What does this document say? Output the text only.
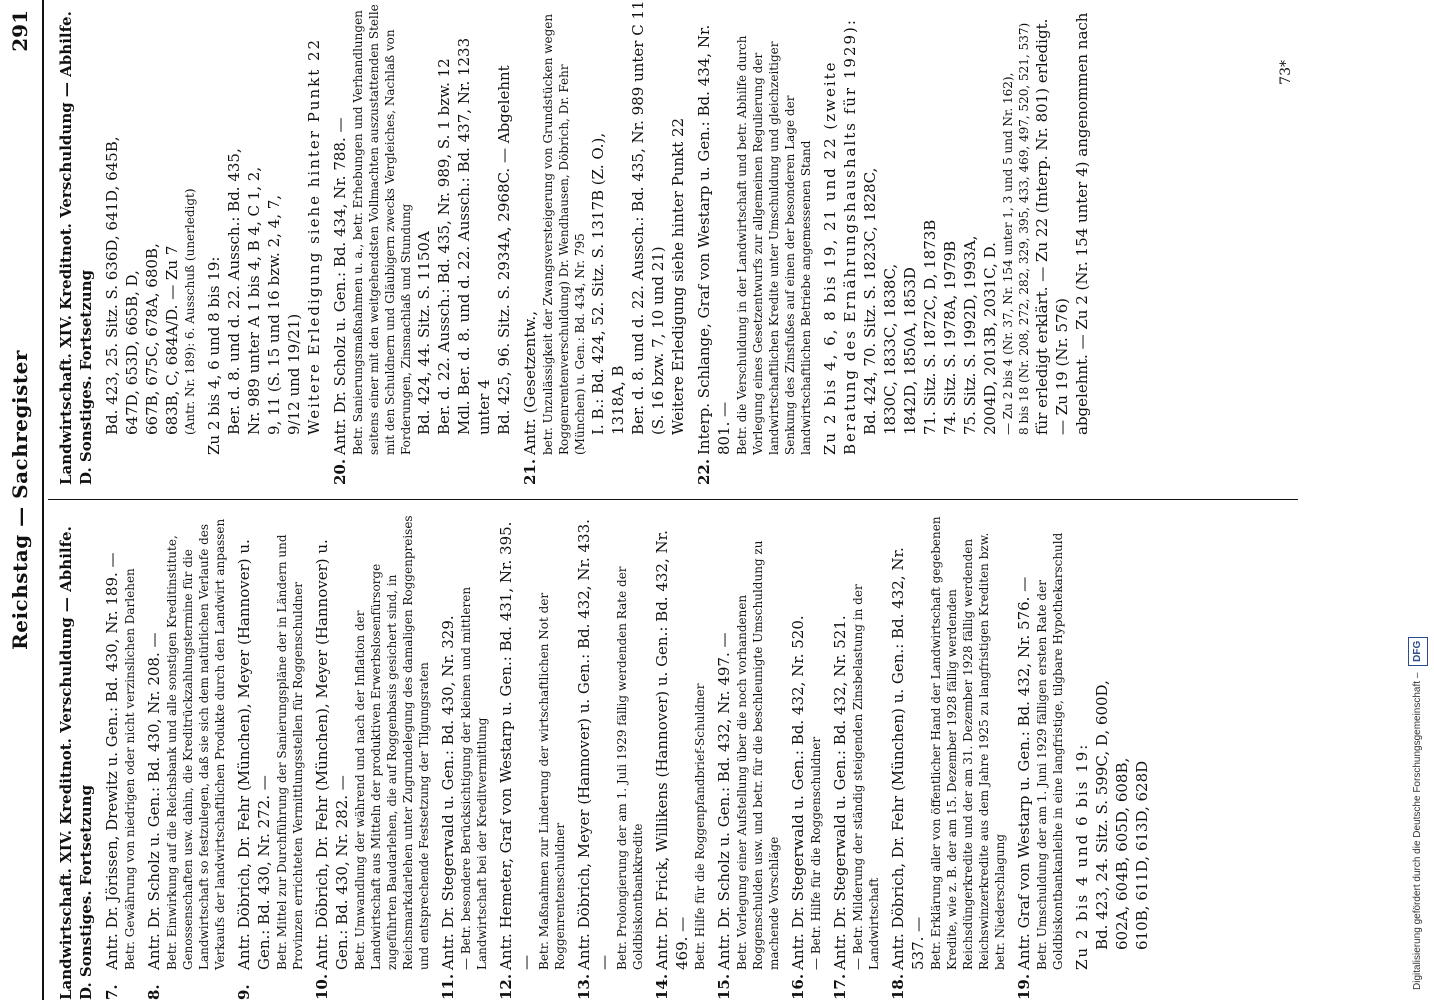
Reichstag — Sachregister
291
Landwirtschaft. XIV. Kreditnot. Verschuldung — Abhilfe. D. Sonstiges. Fortsetzung 7.
Antr. Dr. Jörissen, Drewitz u. Gen.: Bd. 430, Nr. 189. — Betr. Gewährung von niedrigen oder nicht verzinslichen Darlehen
8.
Antr. Dr. Scholz u. Gen.: Bd. 430, Nr. 208. — Betr. Einwirkung auf die Reichsbank und alle sonstigen Kreditinstitute, Genossenschaften usw. dahin, die Kreditrückzahlungstermine für die Landwirtschaft so festzulegen, daß sie sich dem natürlichen Verlaufe des Verkaufs der landwirtschaftlichen Produkte durch den Landwirt anpassen
9.
Antr. Döbrich, Dr. Fehr (München), Meyer (Hannover) u. Gen.: Bd. 430, Nr. 272. — Betr. Mittel zur Durchführung der Sanierungspläne der in Ländern und Provinzen errichteten Vermittlungsstellen für Roggenschuldner
10.
Antr. Döbrich, Dr. Fehr (München), Meyer (Hannover) u. Gen.: Bd. 430, Nr. 282. — Betr. Umwandlung der während und nach der Inflation der Landwirtschaft aus Mitteln der produktiven Erwerbslosenfürsorge zugeführten Baudarlehen, die auf Roggenbasis gesichert sind, in Reichsmarkdarlehen unter Zugrundelegung des damaligen Roggenpreises und entsprechende Festsetzung der Tilgungsraten
11.
Antr. Dr. Stegerwald u. Gen.: Bd. 430, Nr. 329. — Betr. besondere Berücksichtigung der kleinen und mittleren Landwirtschaft bei der Kreditvermittlung
12.
Antr. Hemeter, Graf von Westarp u. Gen.: Bd. 431, Nr. 395. — Betr. Maßnahmen zur Linderung der wirtschaftlichen Not der Roggenrentenschuldner
13.
Antr. Döbrich, Meyer (Hannover) u. Gen.: Bd. 432, Nr. 433. — Betr. Prolongierung der am 1. Juli 1929 fällig werdenden Rate der Goldbiskontbankkredite
14.
Antr. Dr. Frick, Willikens (Hannover) u. Gen.: Bd. 432, Nr. 469. — Betr. Hilfe für die Roggenpfandbrief-Schuldner
15.
Antr. Dr. Scholz u. Gen.: Bd. 432, Nr. 497. — Betr. Vorlegung einer Aufstellung über die noch vorhandenen Roggenschulden usw. und betr. für die beschleunigte Umschuldung zu machende Vorschläge
16.
Antr. Dr. Stegerwald u. Gen.: Bd. 432, Nr. 520. — Betr. Hilfe für die Roggenschuldner
17.
Antr. Dr. Stegerwald u. Gen.: Bd. 432, Nr. 521. — Betr. Milderung der ständig steigenden Zinsbelastung in der Landwirtschaft
18.
Antr. Döbrich, Dr. Fehr (München) u. Gen.: Bd. 432, Nr. 537. — Betr. Erklärung aller von öffentlicher Hand der Landwirtschaft gegebenen Kredite, wie z. B. der am 15. Dezember 1928 fällig werdenden Reichsdüngerkredite und der am 31. Dezember 1928 fällig werdenden Reichswinzerkredite aus dem Jahre 1925 zu langfristigen Krediten bzw. betr. Niederschlagung
19.
Antr. Graf von Westarp u. Gen.: Bd. 432, Nr. 576. — Betr. Umschuldung der am 1. Juni 1929 fälligen ersten Rate der Goldbiskontbankanleihe in eine langfristige, tilgbare Hypothekarschuld Zu 2 bis 4 und 6 bis 19: Bd. 423, 24. Sitz. S. 599C, D, 600D, 602A, 604B, 605D, 608B, 610B, 611D, 613D, 628D
Landwirtschaft. XIV. Kreditnot. Verschuldung — Abhilfe. D. Sonstiges. Fortsetzung Bd. 423, 25. Sitz. S. 636D, 641D, 645B, 647D, 653D, 665B, D, 667B, 675C, 678A, 680B, 683B, C, 684A/D. — Zu 7 (Antr. Nr. 189): 6. Ausschuß (unerledigt) Zu 2 bis 4, 6 und 8 bis 19: Ber. d. 8. und d. 22. Aussch.: Bd. 435, Nr. 989 unter A 1 bis 4, B 4, C 1, 2, 9, 11 (S. 15 und 16 bzw. 2, 4, 7, 9/12 und 19/21) Weitere Erledigung siehe hinter Punkt 22
20.
Antr. Dr. Scholz u. Gen.: Bd. 434, Nr. 788. — Betr. Sanierungsmaßnahmen u. a., betr. Erhebungen und Verhandlungen seitens einer mit den weitgehendsten Vollmachten auszustattenden Stelle mit den Schuldnern und Gläubigern zwecks Vergleiches, Nachlaß von Forderungen, Zinsnachlaß und Stundung Bd. 424, 44. Sitz. S. 1150A Ber. d. 22. Aussch.: Bd. 435, Nr. 989, S. 1 bzw. 12 Mdl. Ber. d. 8. und d. 22. Aussch.: Bd. 437, Nr. 1233 unter 4 Bd. 425, 96. Sitz. S. 2934A, 2968C. — Abgelehnt
21.
Antr. (Gesetzentw., betr. Unzulässigkeit der Zwangsversteigerung von Grundstücken wegen Roggenrentenverschuldung) Dr. Wendhausen, Döbrich, Dr. Fehr (München) u. Gen.: Bd. 434, Nr. 795 I. B.: Bd. 424, 52. Sitz. S. 1317B (Z. O.), 1318A, B Ber. d. 8. und d. 22. Aussch.: Bd. 435, Nr. 989 unter C 11 (S. 16 bzw. 7, 10 und 21) Weitere Erledigung siehe hinter Punkt 22
22.
Interp. Schlange, Graf von Westarp u. Gen.: Bd. 434, Nr. 801. — Betr. die Verschuldung in der Landwirtschaft und betr. Abhilfe durch Vorlegung eines Gesetzentwurfs zur allgemeinen Regulierung der landwirtschaftlichen Kredite unter Umschuldung und gleichzeitiger Senkung des Zinsfußes auf einen der besonderen Lage der landwirtschaftlichen Betriebe angemessenen Stand Zu 2 bis 4, 6, 8 bis 19, 21 und 22 (zweite Beratung des Ernährungshaushalts für 1929): Bd. 424, 70. Sitz. S. 1823C, 1828C, 1830C, 1833C, 1838C, 1842D, 1850A, 1853D 71. Sitz. S. 1872C, D, 1873B 74. Sitz. S. 1978A, 1979B 75. Sitz. S. 1992D, 1993A, 2004D, 2013B, 2031C, D. — Zu 2 bis 4 (Nr. 37, Nr. 154 unter 1, 3 und 5 und Nr. 162), 8 bis 18 (Nr. 208, 272, 282, 329, 395, 433, 469, 497, 520, 521, 537) für erledigt erklärt. — Zu 22 (Interp. Nr. 801) erledigt. — Zu 19 (Nr. 576) abgelehnt. — Zu 2 (Nr. 154 unter 4) angenommen nach	73*
Digitalisierung gefördert durch die Deutsche Forschungsgemeinschaft – DFG
